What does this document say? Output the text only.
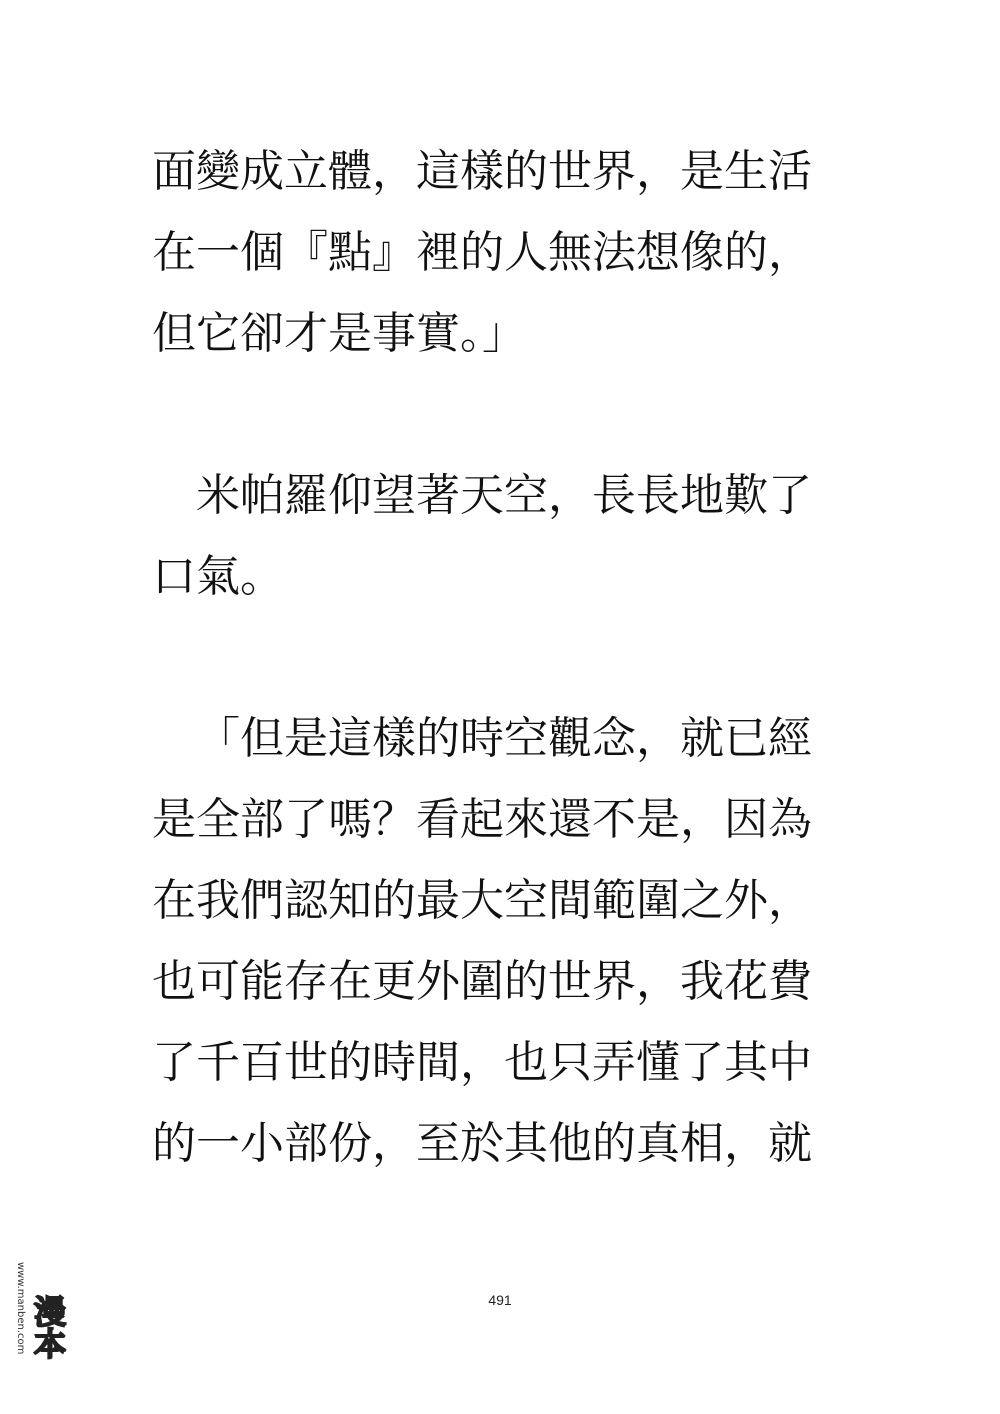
面變成立體，這樣的世界，是生活
在一個『點』裡的人無法想像的，
但它卻才是事實。」
米帕羅仰望著天空，長長地歎了
口氣。
「但是這樣的時空觀念，就已經
是全部了嗎？看起來還不是，因為
在我們認知的最大空間範圍之外，
也可能存在更外圍的世界，我花費
了千百世的時間，也只弄懂了其中
的一小部份，至於其他的真相，就
491
www.manben.com 漫本
